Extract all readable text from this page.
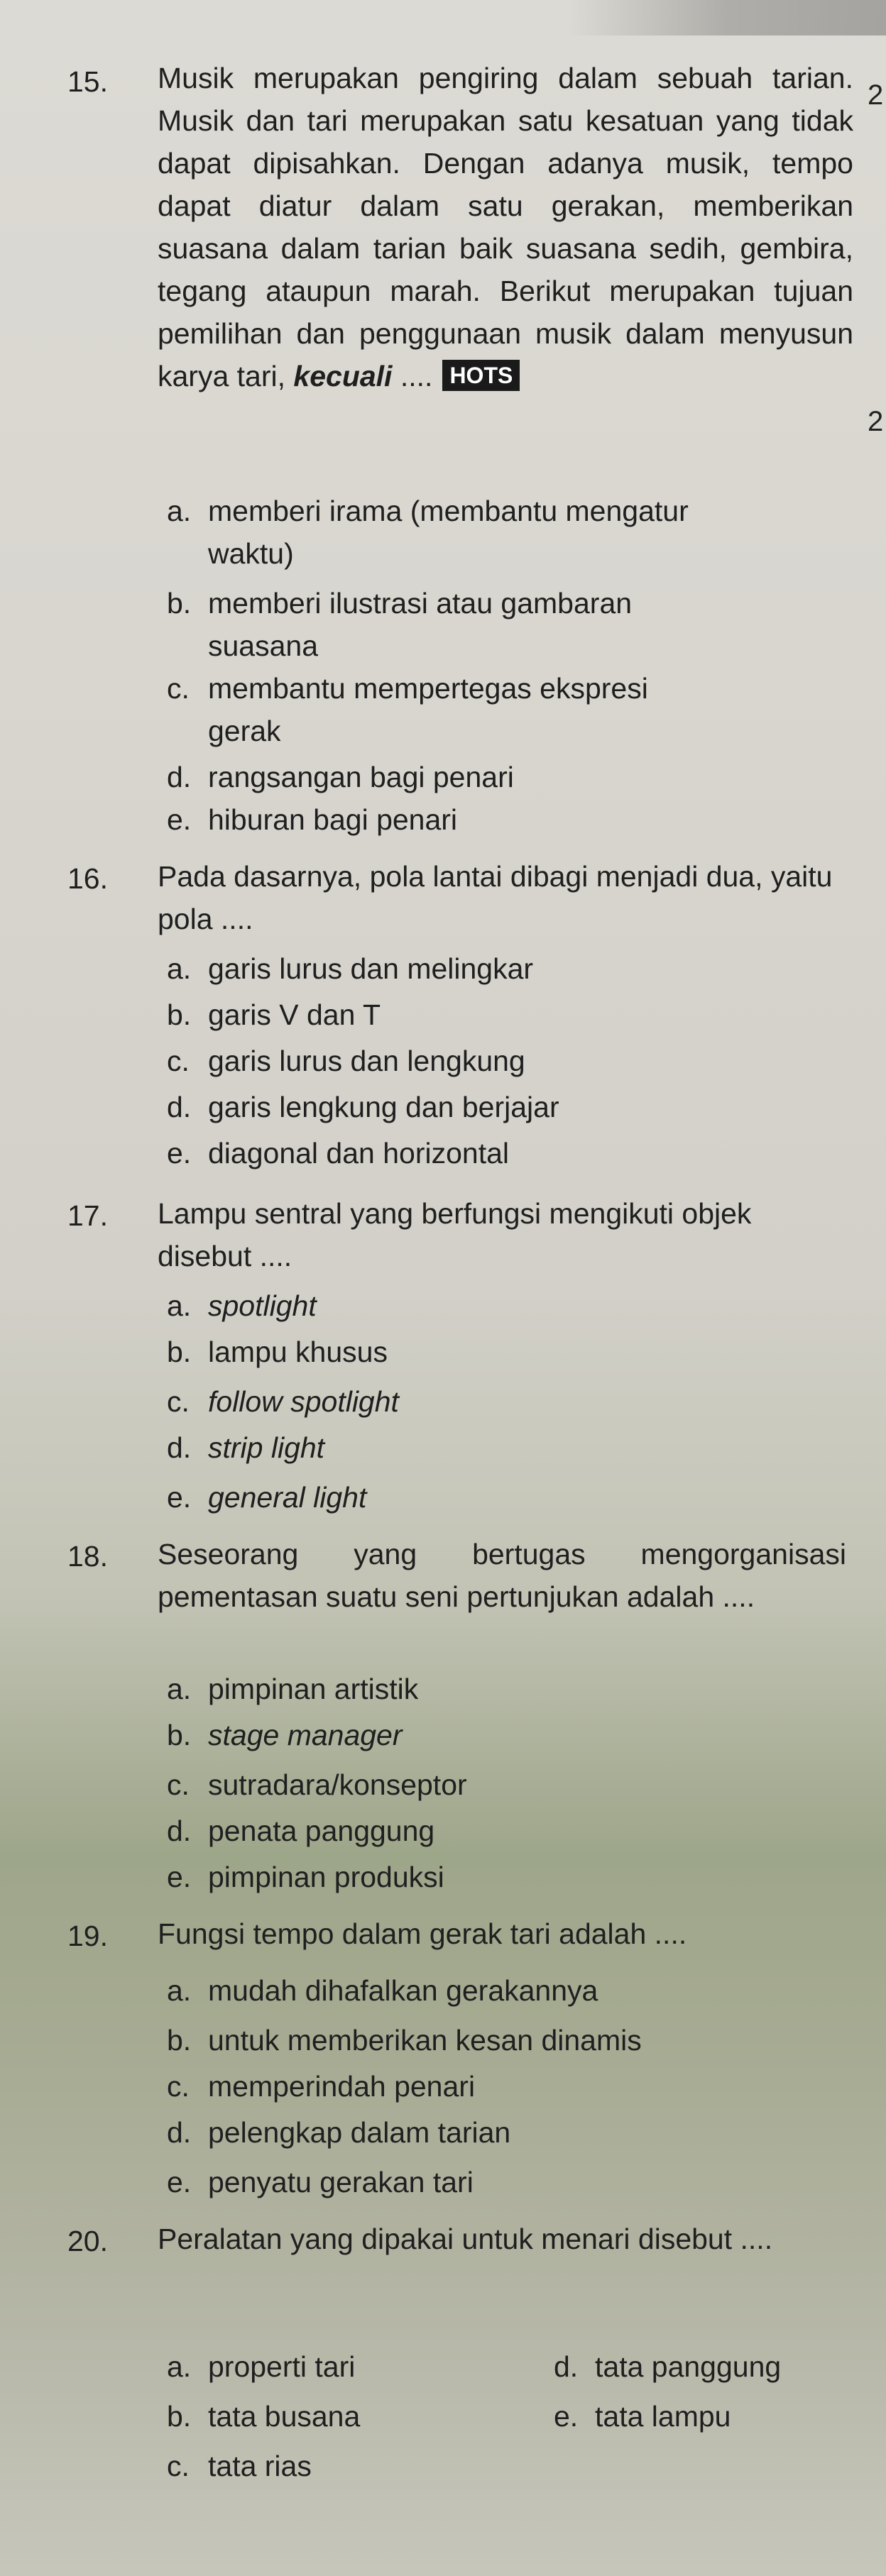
2
2
15. Musik merupakan pengiring dalam sebuah tarian. Musik dan tari merupakan satu kesatuan yang tidak dapat dipisahkan. Dengan adanya musik, tempo dapat diatur dalam satu gerakan, memberikan suasana dalam tarian baik suasana sedih, gembira, tegang ataupun marah. Berikut merupakan tujuan pemilihan dan penggunaan musik dalam menyusun karya tari, kecuali .... HOTS
a. memberi irama (membantu mengatur
waktu)
b. memberi ilustrasi atau gambaran
suasana
c. membantu mempertegas ekspresi
gerak
d. rangsangan bagi penari
e. hiburan bagi penari
16. Pada dasarnya, pola lantai dibagi menjadi dua, yaitu pola ....
a. garis lurus dan melingkar
b. garis V dan T
c. garis lurus dan lengkung
d. garis lengkung dan berjajar
e. diagonal dan horizontal
17. Lampu sentral yang berfungsi mengikuti objek disebut ....
a. spotlight
b. lampu khusus
c. follow spotlight
d. strip light
e. general light
18. Seseorang yang bertugas mengorganisasi pementasan suatu seni pertunjukan adalah ....
a. pimpinan artistik
b. stage manager
c. sutradara/konseptor
d. penata panggung
e. pimpinan produksi
19. Fungsi tempo dalam gerak tari adalah ....
a. mudah dihafalkan gerakannya
b. untuk memberikan kesan dinamis
c. memperindah penari
d. pelengkap dalam tarian
e. penyatu gerakan tari
20. Peralatan yang dipakai untuk menari disebut ....
a. properti tari
b. tata busana
c. tata rias
d. tata panggung
e. tata lampu
